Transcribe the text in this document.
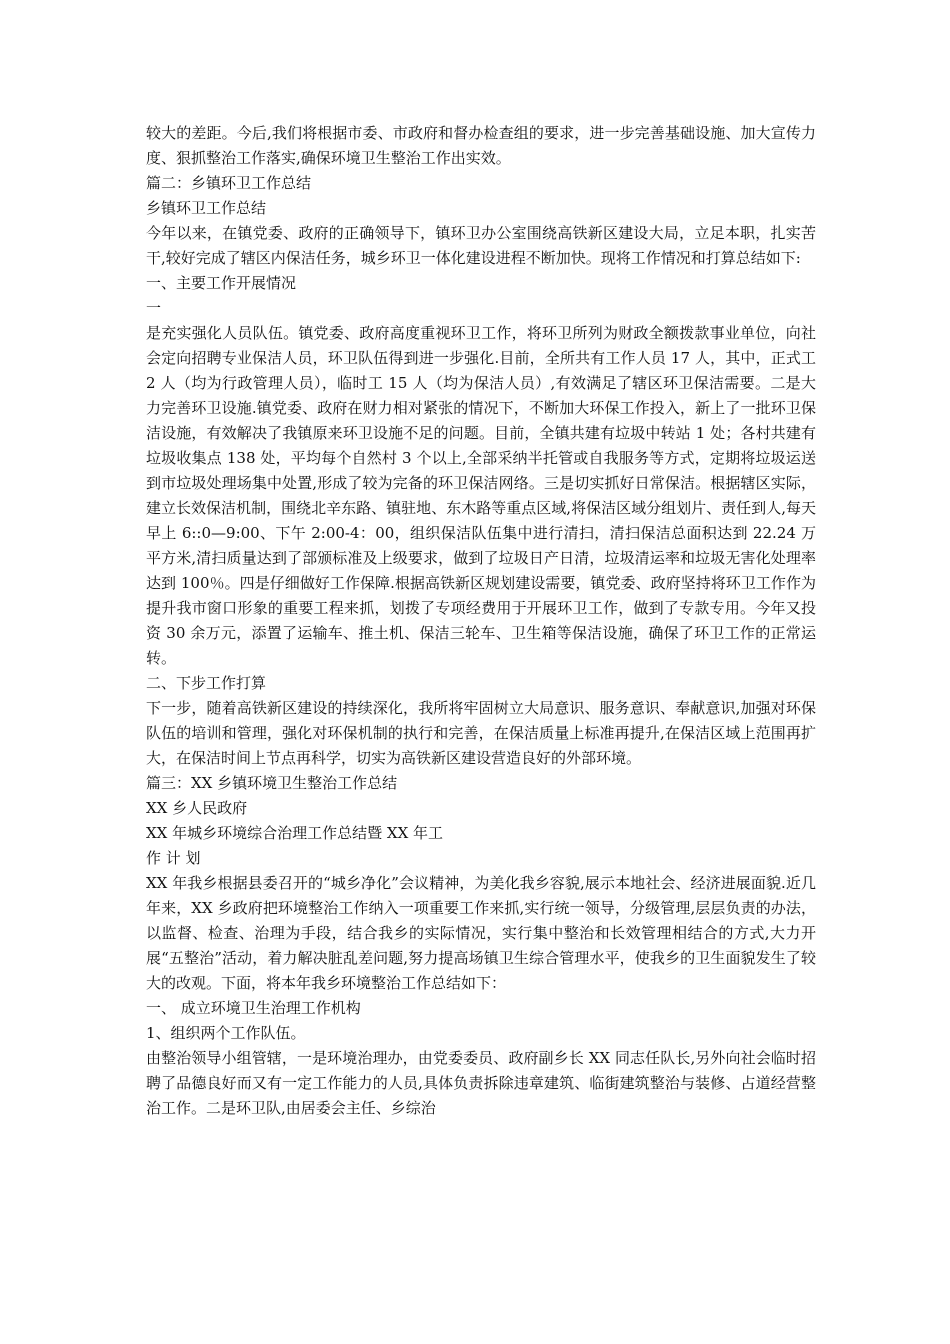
较大的差距。今后,我们将根据市委、市政府和督办检查组的要求，进一步完善基础设施、加大宣传力度、狠抓整治工作落实,确保环境卫生整治工作出实效。

篇二：乡镇环卫工作总结

乡镇环卫工作总结

今年以来，在镇党委、政府的正确领导下，镇环卫办公室围绕高铁新区建设大局，立足本职，扎实苦干,较好完成了辖区内保洁任务，城乡环卫一体化建设进程不断加快。现将工作情况和打算总结如下:

一、主要工作开展情况

一

是充实强化人员队伍。镇党委、政府高度重视环卫工作，将环卫所列为财政全额拨款事业单位，向社会定向招聘专业保洁人员，环卫队伍得到进一步强化.目前，全所共有工作人员 17 人，其中，正式工 2 人（均为行政管理人员），临时工 15 人（均为保洁人员）,有效满足了辖区环卫保洁需要。二是大力完善环卫设施.镇党委、政府在财力相对紧张的情况下，不断加大环保工作投入，新上了一批环卫保洁设施，有效解决了我镇原来环卫设施不足的问题。目前，全镇共建有垃圾中转站 1 处；各村共建有垃圾收集点 138 处，平均每个自然村 3 个以上,全部采纳半托管或自我服务等方式，定期将垃圾运送到市垃圾处理场集中处置,形成了较为完备的环卫保洁网络。三是切实抓好日常保洁。根据辖区实际，建立长效保洁机制，围绕北辛东路、镇驻地、东木路等重点区域,将保洁区域分组划片、责任到人,每天早上 6::0—9:00、下午 2:00-4：00，组织保洁队伍集中进行清扫，清扫保洁总面积达到 22.24 万平方米,清扫质量达到了部颁标准及上级要求，做到了垃圾日产日清，垃圾清运率和垃圾无害化处理率达到 100％。四是仔细做好工作保障.根据高铁新区规划建设需要，镇党委、政府坚持将环卫工作作为提升我市窗口形象的重要工程来抓，划拨了专项经费用于开展环卫工作，做到了专款专用。今年又投资 30 余万元，添置了运输车、推土机、保洁三轮车、卫生箱等保洁设施，确保了环卫工作的正常运转。

二、下步工作打算

下一步，随着高铁新区建设的持续深化，我所将牢固树立大局意识、服务意识、奉献意识,加强对环保队伍的培训和管理，强化对环保机制的执行和完善，在保洁质量上标准再提升,在保洁区域上范围再扩大，在保洁时间上节点再科学，切实为高铁新区建设营造良好的外部环境。

篇三：XX 乡镇环境卫生整治工作总结

XX 乡人民政府

XX 年城乡环境综合治理工作总结暨 XX 年工

作 计 划

XX 年我乡根据县委召开的“城乡净化”会议精神，为美化我乡容貌,展示本地社会、经济进展面貌.近几年来，XX 乡政府把环境整治工作纳入一项重要工作来抓,实行统一领导，分级管理,层层负责的办法，以监督、检查、治理为手段，结合我乡的实际情况，实行集中整治和长效管理相结合的方式,大力开展“五整治”活动，着力解决脏乱差问题,努力提高场镇卫生综合管理水平，使我乡的卫生面貌发生了较大的改观。下面，将本年我乡环境整治工作总结如下：

一、 成立环境卫生治理工作机构

1、组织两个工作队伍。

由整治领导小组管辖，一是环境治理办，由党委委员、政府副乡长 XX 同志任队长,另外向社会临时招聘了品德良好而又有一定工作能力的人员,具体负责拆除违章建筑、临街建筑整治与装修、占道经营整治工作。二是环卫队,由居委会主任、乡综治
